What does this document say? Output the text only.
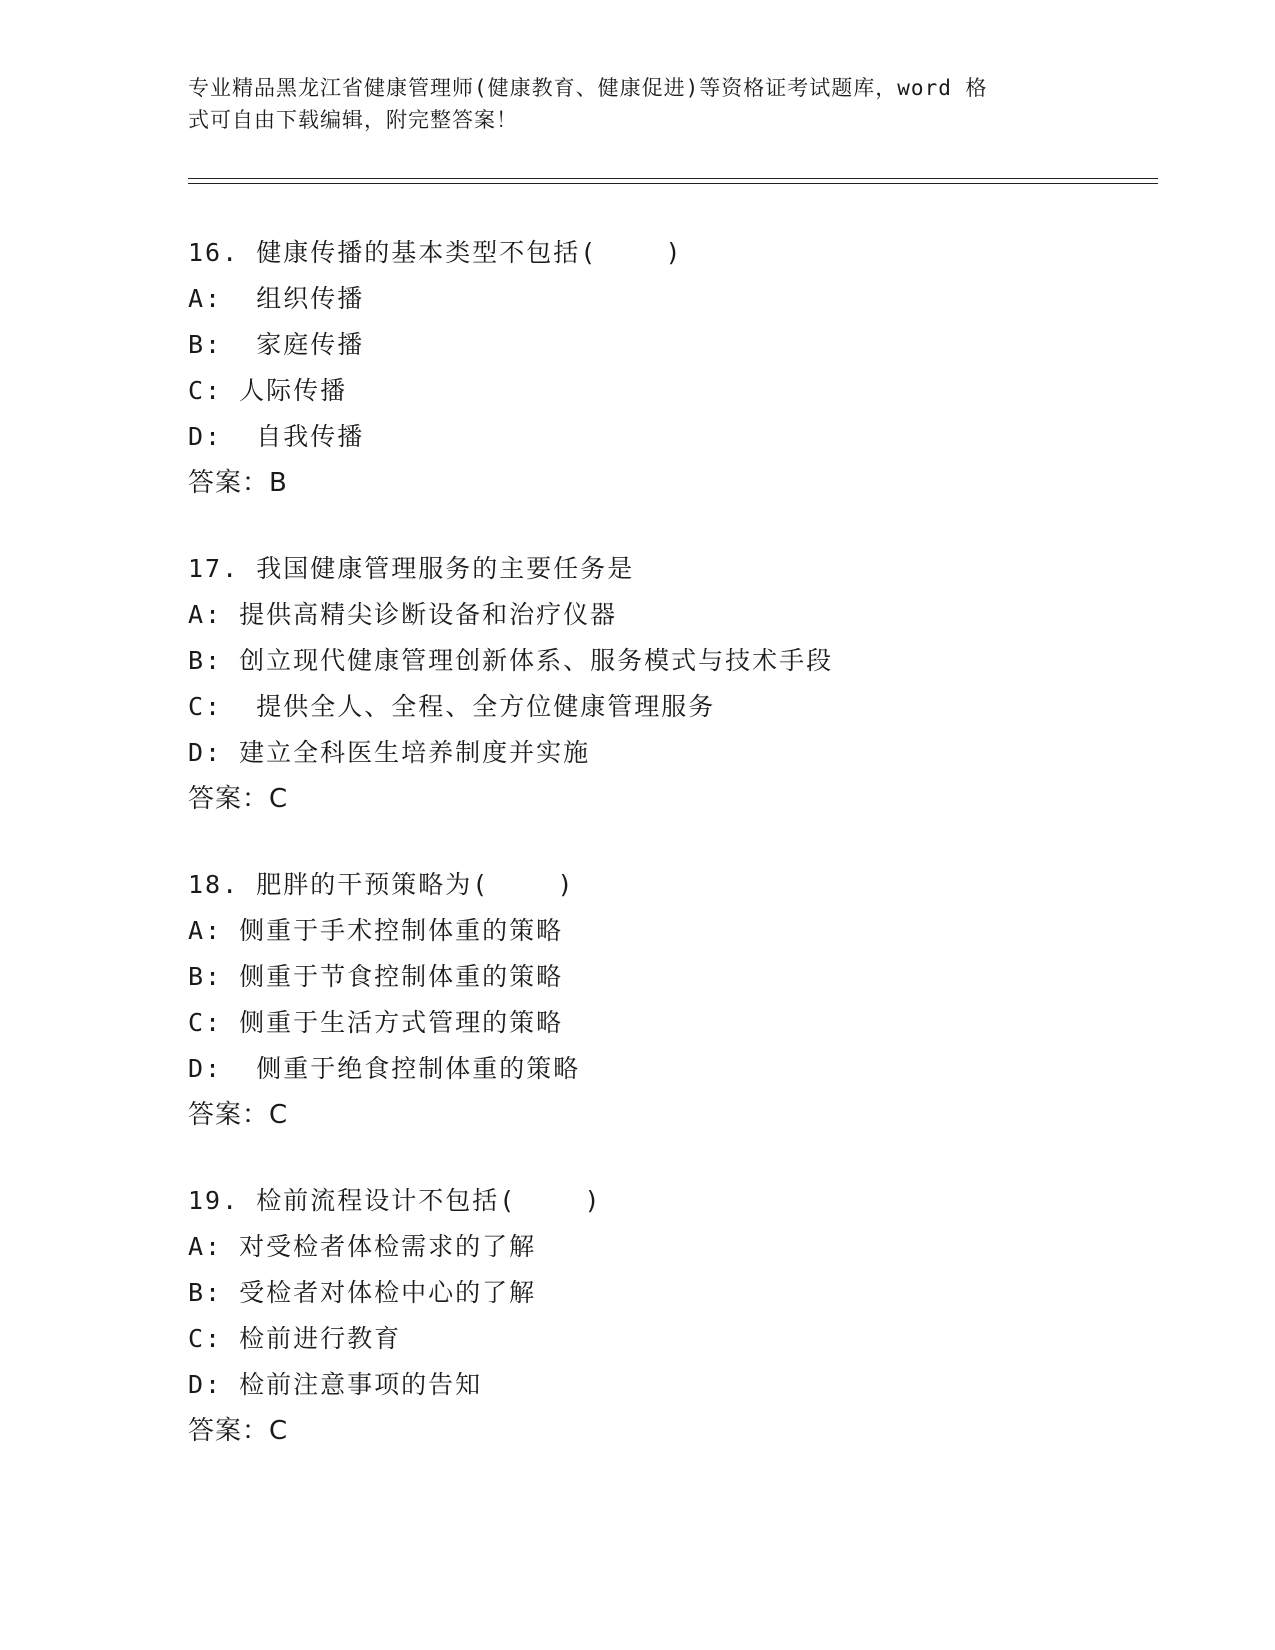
专业精品黑龙江省健康管理师(健康教育、健康促进)等资格证考试题库，word 格
式可自由下载编辑，附完整答案！
16. 健康传播的基本类型不包括(    )
A:  组织传播
B:  家庭传播
C: 人际传播
D:  自我传播
答案：B
17. 我国健康管理服务的主要任务是
A: 提供高精尖诊断设备和治疗仪器
B: 创立现代健康管理创新体系、服务模式与技术手段
C:  提供全人、全程、全方位健康管理服务
D: 建立全科医生培养制度并实施
答案：C
18. 肥胖的干预策略为(    )
A: 侧重于手术控制体重的策略
B: 侧重于节食控制体重的策略
C: 侧重于生活方式管理的策略
D:  侧重于绝食控制体重的策略
答案：C
19. 检前流程设计不包括(    )
A: 对受检者体检需求的了解
B: 受检者对体检中心的了解
C: 检前进行教育
D: 检前注意事项的告知
答案：C
